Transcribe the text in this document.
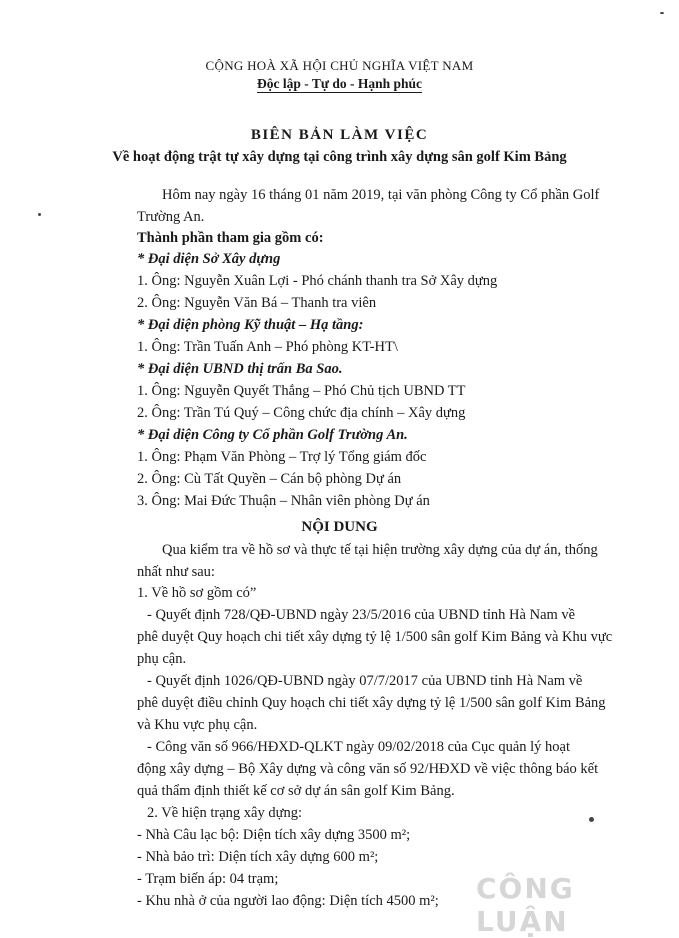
CỘNG HOÀ XÃ HỘI CHỦ NGHĨA VIỆT NAM
Độc lập - Tự do - Hạnh phúc
BIÊN BẢN LÀM VIỆC
Về hoạt động trật tự xây dựng tại công trình xây dựng sân golf Kim Bảng
Hôm nay ngày 16 tháng 01 năm 2019, tại văn phòng Công ty Cổ phần Golf
Trường An.
Thành phần tham gia gồm có:
* Đại diện Sở Xây dựng
1. Ông: Nguyễn Xuân Lợi - Phó chánh thanh tra Sở Xây dựng
2. Ông: Nguyễn Văn Bá – Thanh tra viên
* Đại diện phòng Kỹ thuật – Hạ tầng:
1. Ông: Trần Tuấn Anh – Phó phòng KT-HT\
* Đại diện UBND thị trấn Ba Sao.
1. Ông: Nguyễn Quyết Thắng – Phó Chủ tịch UBND TT
2. Ông: Trần Tú Quý – Công chức địa chính – Xây dựng
* Đại diện Công ty Cổ phần Golf Trường An.
1. Ông: Phạm Văn Phòng – Trợ lý Tổng giám đốc
2. Ông: Cù Tất Quyền – Cán bộ phòng Dự án
3. Ông: Mai Đức Thuận – Nhân viên phòng Dự án
NỘI DUNG
Qua kiểm tra về hồ sơ và thực tế tại hiện trường xây dựng của dự án, thống
nhất như sau:
1. Về hồ sơ gồm có”
- Quyết định 728/QĐ-UBND ngày 23/5/2016 của UBND tỉnh Hà Nam về
phê duyệt Quy hoạch chi tiết xây dựng tỷ lệ 1/500 sân golf Kim Bảng và Khu vực
phụ cận.
- Quyết định 1026/QĐ-UBND ngày 07/7/2017 của UBND tỉnh Hà Nam về
phê duyệt điều chỉnh Quy hoạch chi tiết xây dựng tỷ lệ 1/500 sân golf Kim Bảng
và Khu vực phụ cận.
- Công văn số 966/HĐXD-QLKT ngày 09/02/2018 của Cục quản lý hoạt
động xây dựng – Bộ Xây dựng và công văn số 92/HĐXD về việc thông báo kết
quả thẩm định thiết kế cơ sở dự án sân golf Kim Bảng.
2. Về hiện trạng xây dựng:
- Nhà Câu lạc bộ: Diện tích xây dựng 3500 m²;
- Nhà bảo trì: Diện tích xây dựng 600 m²;
- Trạm biến áp: 04 trạm;
- Khu nhà ở của người lao động: Diện tích 4500 m²; CÔNG LUẬN
